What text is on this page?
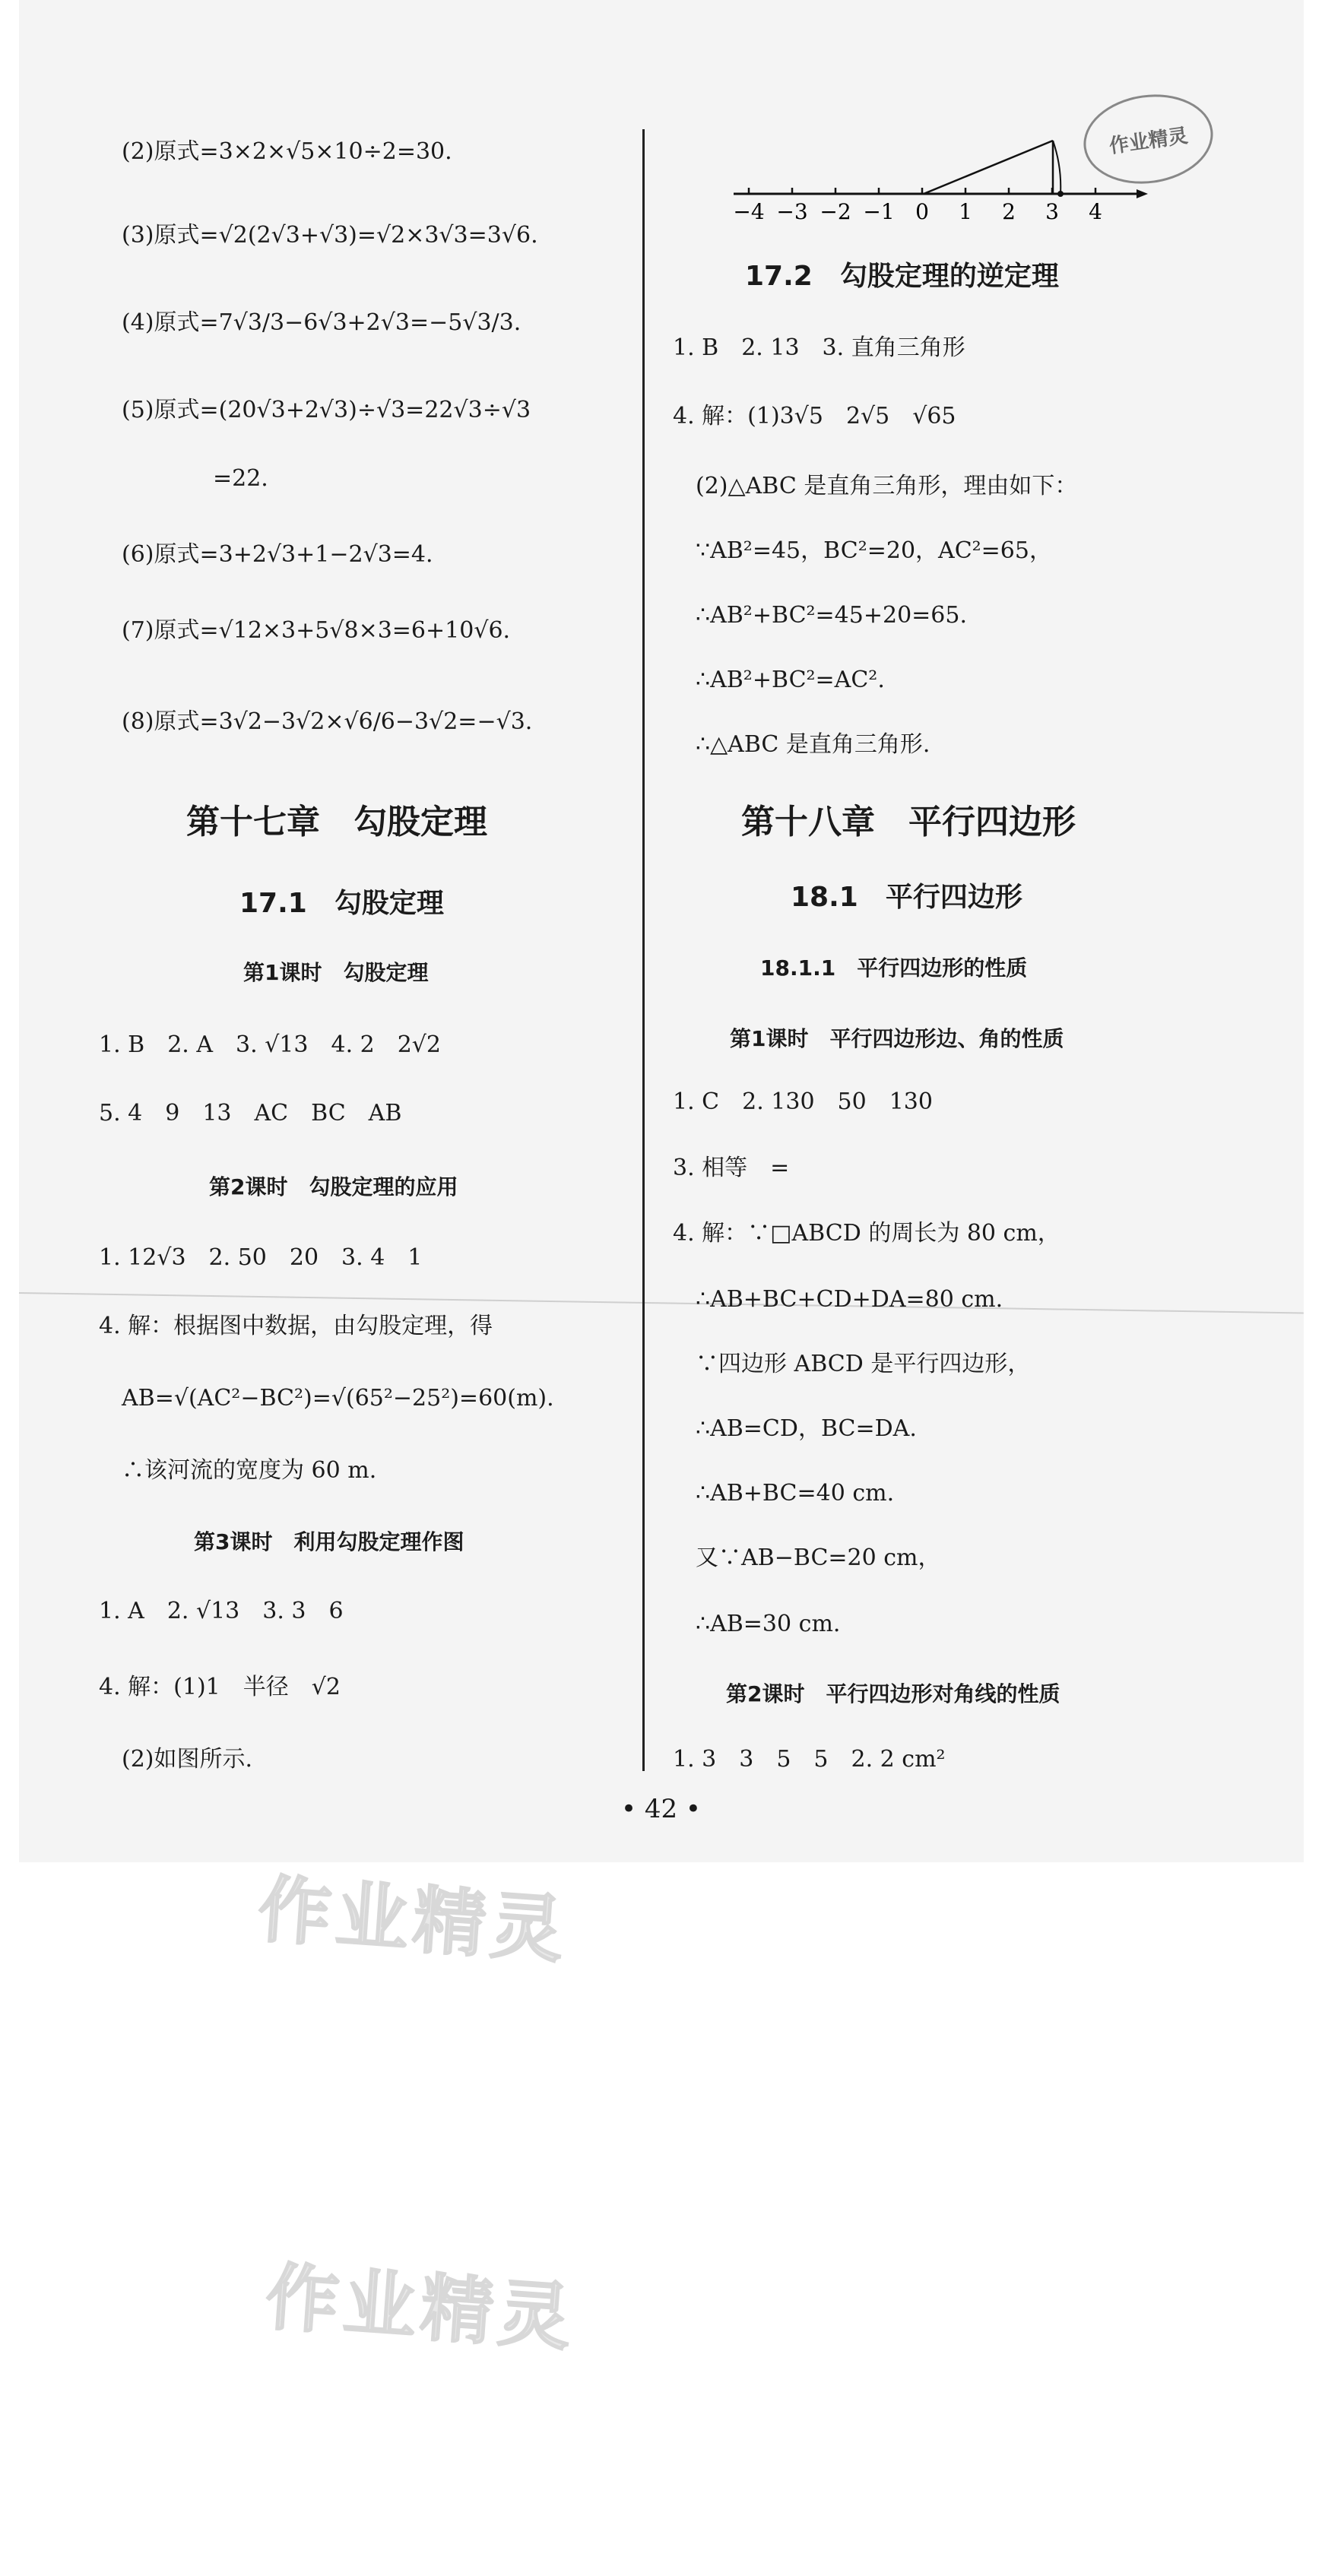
(2)原式=3×2×√5×10÷2=30.
(3)原式=√2(2√3+√3)=√2×3√3=3√6.
(4)原式=7√3/3−6√3+2√3=−5√3/3.
(5)原式=(20√3+2√3)÷√3=22√3÷√3
=22.
(6)原式=3+2√3+1−2√3=4.
(7)原式=√12×3+5√8×3=6+10√6.
(8)原式=3√2−3√2×√6/6−3√2=−√3.
第十七章　勾股定理
17.1　勾股定理
第1课时　勾股定理
1. B　2. A　3. √13　4. 2　2√2
5. 4　9　13　AC　BC　AB
第2课时　勾股定理的应用
1. 12√3　2. 50　20　3. 4　1
4. 解：根据图中数据，由勾股定理，得
AB=√(AC²−BC²)=√(65²−25²)=60(m).
∴该河流的宽度为 60 m.
第3课时　利用勾股定理作图
1. A　2. √13　3. 3　6
4. 解：(1)1　半径　√2
(2)如图所示.
−4 −3 −2 −1 0 1 2 3 4
作业精灵
17.2　勾股定理的逆定理
1. B　2. 13　3. 直角三角形
4. 解：(1)3√5　2√5　√65
(2)△ABC 是直角三角形，理由如下：
∵AB²=45，BC²=20，AC²=65，
∴AB²+BC²=45+20=65.
∴AB²+BC²=AC².
∴△ABC 是直角三角形.
第十八章　平行四边形
18.1　平行四边形
18.1.1　平行四边形的性质
第1课时　平行四边形边、角的性质
1. C　2. 130　50　130
3. 相等　=
4. 解：∵□ABCD 的周长为 80 cm，
∴AB+BC+CD+DA=80 cm.
∵四边形 ABCD 是平行四边形，
∴AB=CD，BC=DA.
∴AB+BC=40 cm.
又∵AB−BC=20 cm，
∴AB=30 cm.
第2课时　平行四边形对角线的性质
1. 3　3　5　5　2. 2 cm²
• 42 •
作业精灵
作业精灵
